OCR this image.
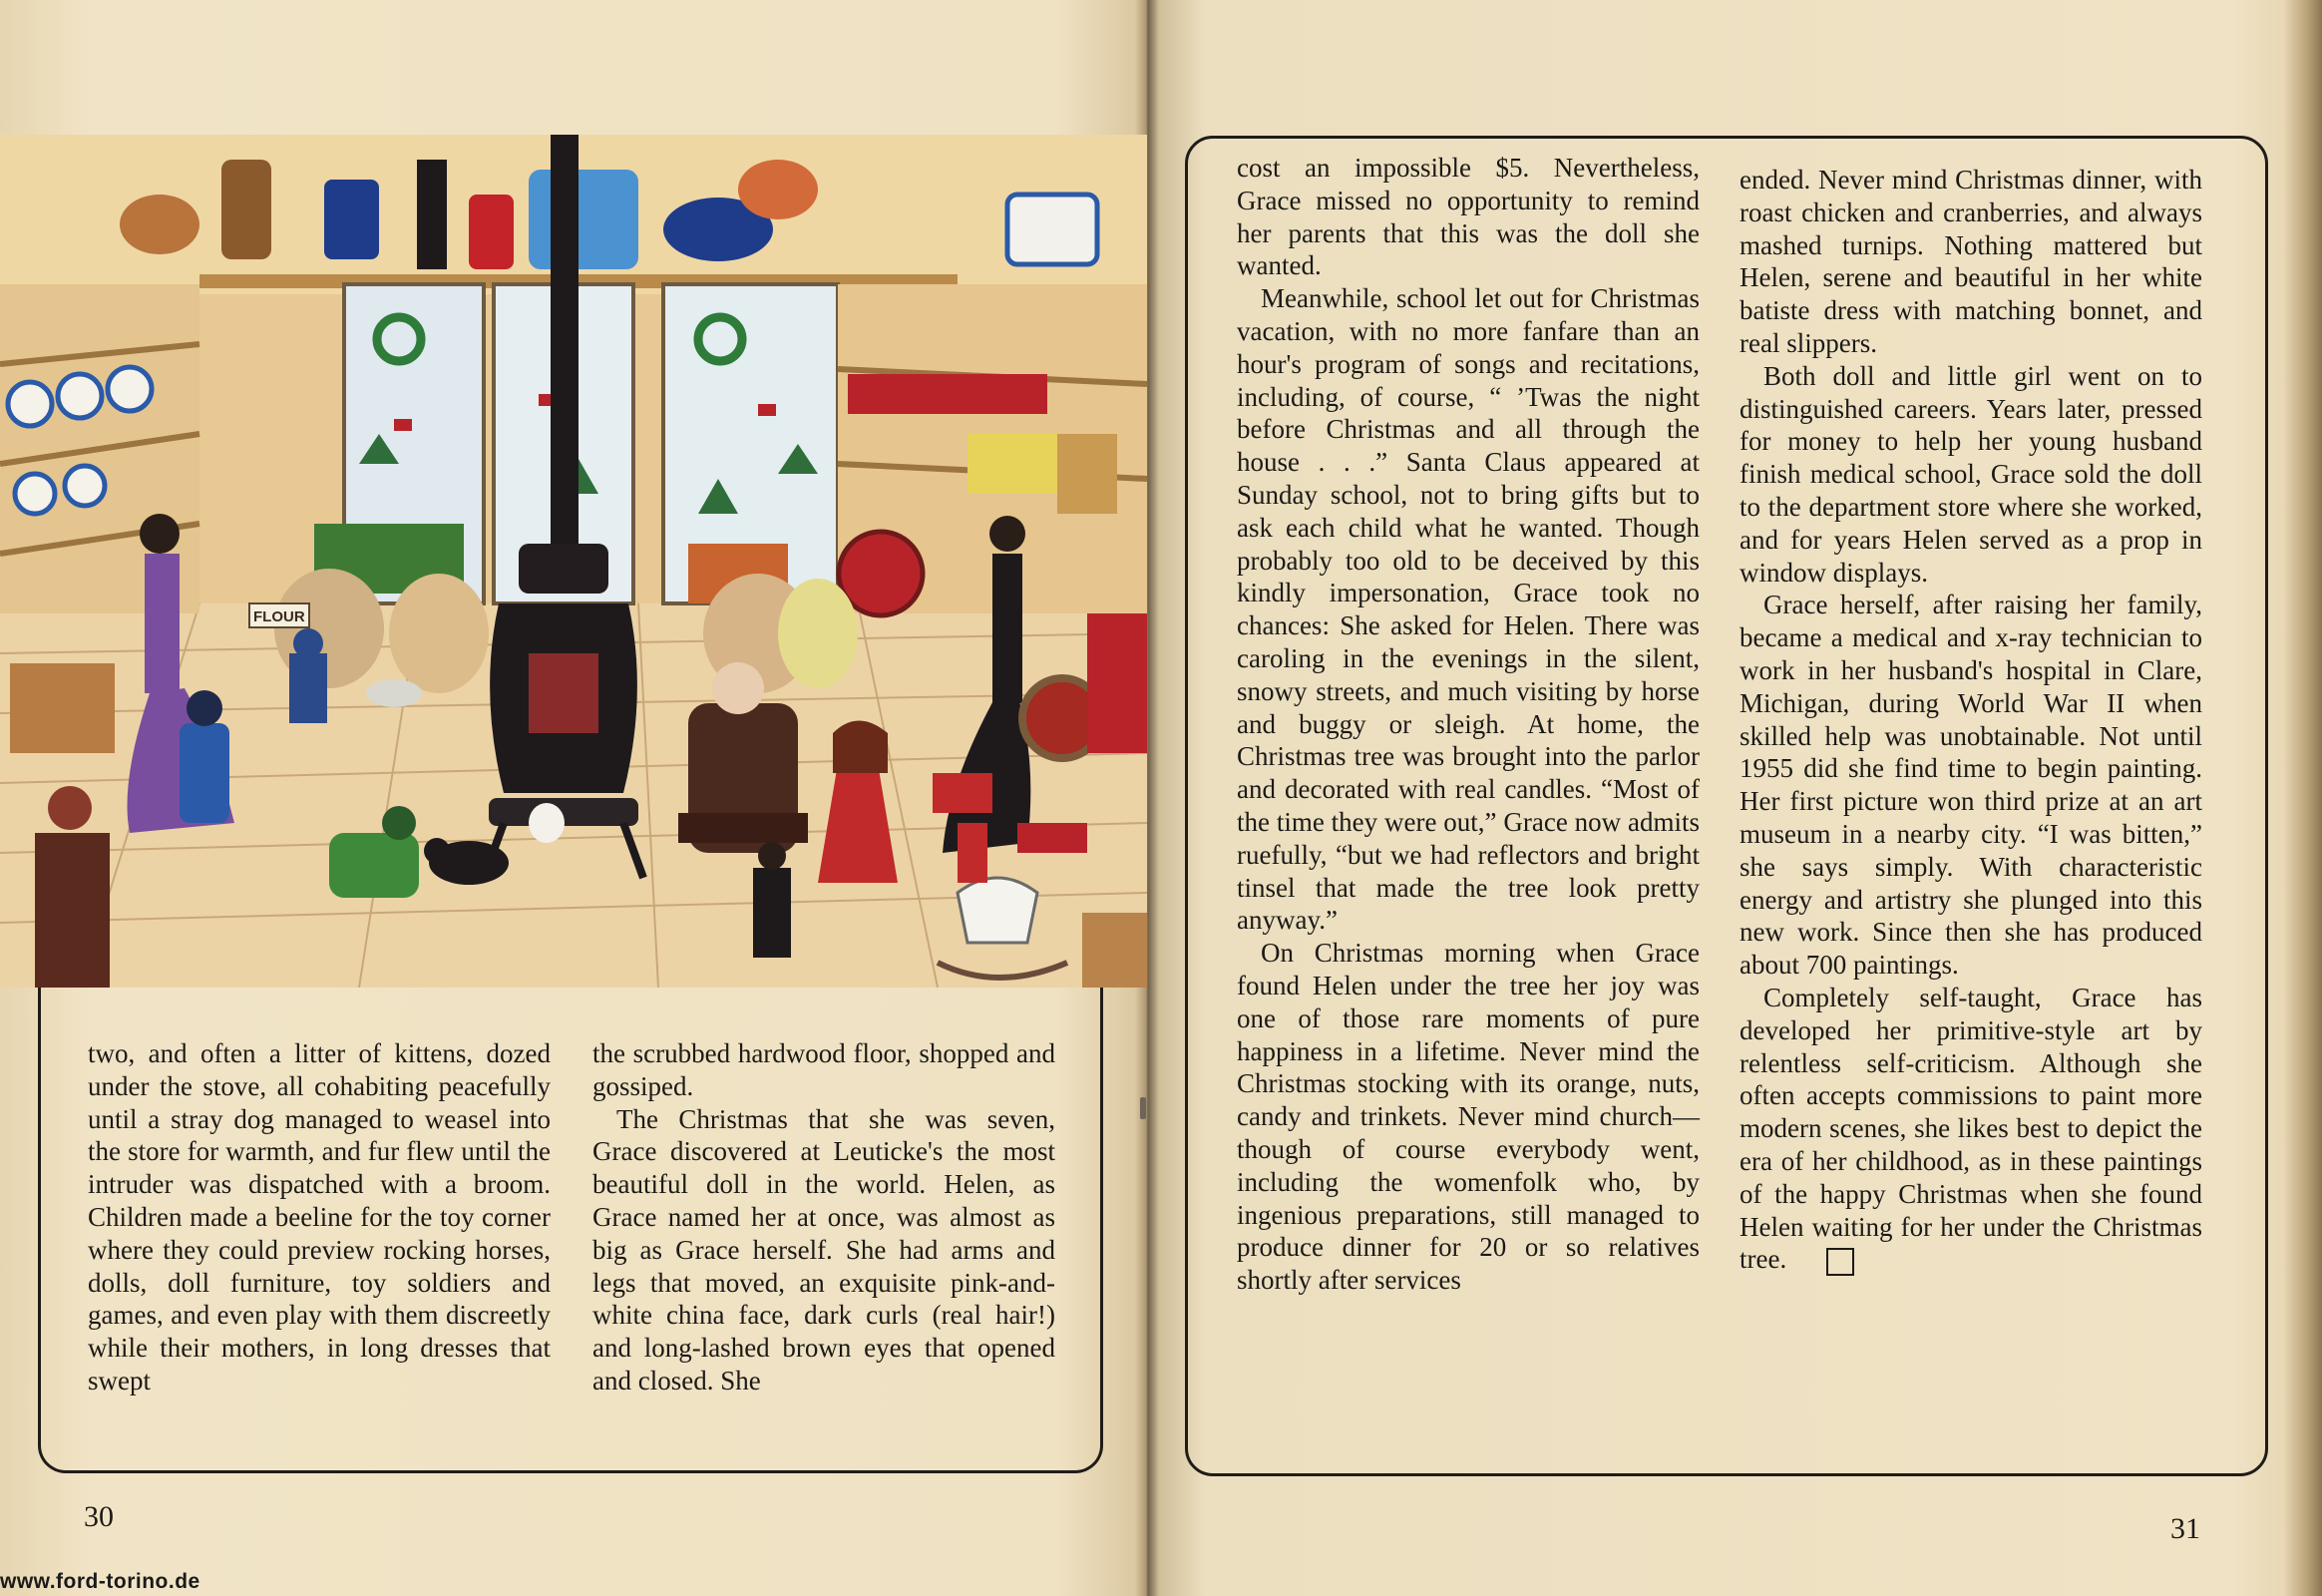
FLOUR

two, and often a litter of kittens, dozed under the stove, all cohabiting peacefully until a stray dog managed to weasel into the store for warmth, and fur flew until the intruder was dispatched with a broom. Children made a beeline for the toy corner where they could preview rocking horses, dolls, doll furniture, toy soldiers and games, and even play with them discreetly while their mothers, in long dresses that swept

the scrubbed hardwood floor, shopped and gossiped.

The Christmas that she was seven, Grace discovered at Leuticke's the most beautiful doll in the world. Helen, as Grace named her at once, was almost as big as Grace herself. She had arms and legs that moved, an exquisite pink-and-white china face, dark curls (real hair!) and long-lashed brown eyes that opened and closed. She

cost an impossible $5. Nevertheless, Grace missed no opportunity to remind her parents that this was the doll she wanted.

Meanwhile, school let out for Christmas vacation, with no more fanfare than an hour's program of songs and recitations, including, of course, “ ’Twas the night before Christmas and all through the house . . .” Santa Claus appeared at Sunday school, not to bring gifts but to ask each child what he wanted. Though probably too old to be deceived by this kindly impersonation, Grace took no chances: She asked for Helen. There was caroling in the evenings in the silent, snowy streets, and much visiting by horse and buggy or sleigh. At home, the Christmas tree was brought into the parlor and decorated with real candles. “Most of the time they were out,” Grace now admits ruefully, “but we had reflectors and bright tinsel that made the tree look pretty anyway.”

On Christmas morning when Grace found Helen under the tree her joy was one of those rare moments of pure happiness in a lifetime. Never mind the Christmas stocking with its orange, nuts, candy and trinkets. Never mind church—though of course everybody went, including the womenfolk who, by ingenious preparations, still managed to produce dinner for 20 or so relatives shortly after services

ended. Never mind Christmas dinner, with roast chicken and cranberries, and always mashed turnips. Nothing mattered but Helen, serene and beautiful in her white batiste dress with matching bonnet, and real slippers.

Both doll and little girl went on to distinguished careers. Years later, pressed for money to help her young husband finish medical school, Grace sold the doll to the department store where she worked, and for years Helen served as a prop in window displays.

Grace herself, after raising her family, became a medical and x-ray technician to work in her husband's hospital in Clare, Michigan, during World War II when skilled help was unobtainable. Not until 1955 did she find time to begin painting. Her first picture won third prize at an art museum in a nearby city. “I was bitten,” she says simply. With characteristic energy and artistry she plunged into this new work. Since then she has produced about 700 paintings.

Completely self-taught, Grace has developed her primitive-style art by relentless self-criticism. Although she often accepts commissions to paint more modern scenes, she likes best to depict the era of her childhood, as in these paintings of the happy Christmas when she found Helen waiting for her under the Christmas tree.

30	31
www.ford-torino.de
